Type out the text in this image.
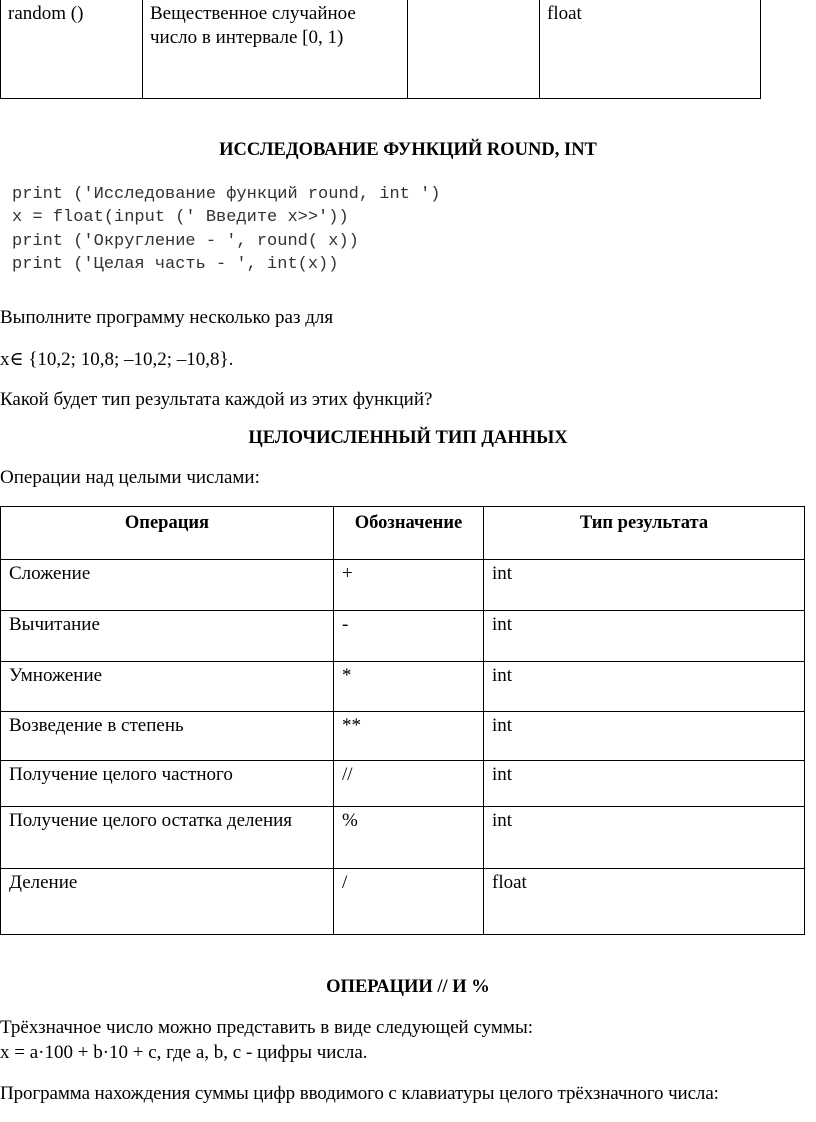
random ()	Вещественное случайное число в интервале [0, 1)		float
ИССЛЕДОВАНИЕ ФУНКЦИЙ ROUND, INT
print ('Исследование функций round, int ')
x = float(input (' Введите x>>'))
print ('Округление - ', round( x))
print ('Целая часть - ', int(x))
Выполните программу несколько раз для
x∈ {10,2; 10,8; –10,2; –10,8}.
Какой будет тип результата каждой из этих функций?
ЦЕЛОЧИСЛЕННЫЙ ТИП ДАННЫХ
Операции над целыми числами:
Операция	Обозначение	Тип результата
Сложение	+	int
Вычитание	-	int
Умножение	*	int
Возведение в степень	**	int
Получение целого частного	//	int
Получение целого остатка деления	%	int
Деление	/	float
ОПЕРАЦИИ // И %
Трёхзначное число можно представить в виде следующей суммы:
x = a·100 + b·10 + c, где a, b, c - цифры числа.
Программа нахождения суммы цифр вводимого с клавиатуры целого трёхзначного числа:
